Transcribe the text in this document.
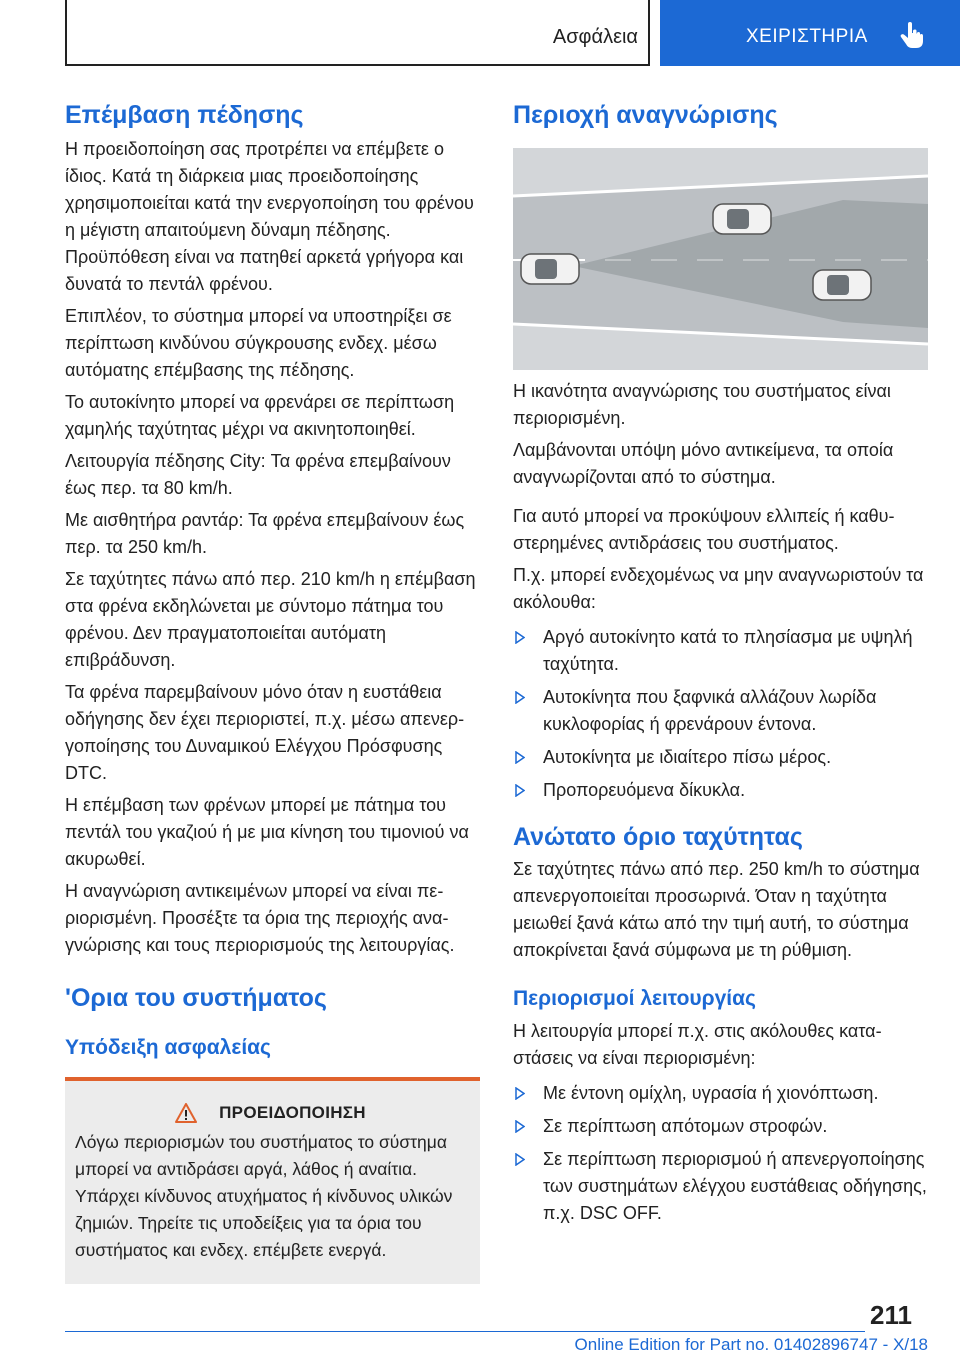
Ασφάλεια	ΧΕΙΡΙΣΤΗΡΙΑ
Επέμβαση πέδησης

Η προειδοποίηση σας προτρέπει να επέμβετε ο ίδιος. Κατά τη διάρκεια μιας προειδοποίησης χρησιμοποιείται κατά την ενεργοποίηση του φρένου η μέγιστη απαιτούμενη δύναμη πέδησης. Προϋπόθεση είναι να πατηθεί αρκετά γρήγορα και δυνατά το πεντάλ φρένου.

Επιπλέον, το σύστημα μπορεί να υποστηρίξει σε περίπτωση κινδύνου σύγκρουσης ενδεχ. μέσω αυτόματης επέμβασης της πέδησης.

Το αυτοκίνητο μπορεί να φρενάρει σε περίπτωση χαμηλής ταχύτητας μέχρι να ακινητοποιηθεί.

Λειτουργία πέδησης City: Τα φρένα επεμβαίνουν έως περ. τα 80 km/h.

Με αισθητήρα ραντάρ: Τα φρένα επεμβαίνουν έως περ. τα 250 km/h.

Σε ταχύτητες πάνω από περ. 210 km/h η επέμβαση στα φρένα εκδηλώνεται με σύντομο πάτημα του φρένου. Δεν πραγματοποιείται αυτόματη επιβράδυνση.

Τα φρένα παρεμβαίνουν μόνο όταν η ευστάθεια οδήγησης δεν έχει περιοριστεί, π.χ. μέσω απενεργοποίησης του Δυναμικού Ελέγχου Πρόσφυσης DTC.

Η επέμβαση των φρένων μπορεί με πάτημα του πεντάλ του γκαζιού ή με μια κίνηση του τιμονιού να ακυρωθεί.

Η αναγνώριση αντικειμένων μπορεί να είναι περιορισμένη. Προσέξτε τα όρια της περιοχής αναγνώρισης και τους περιορισμούς της λειτουργίας.

'Ορια του συστήματος
Υπόδειξη ασφαλείας
ΠΡΟΕΙΔΟΠΟΙΗΣΗ

Λόγω περιορισμών του συστήματος το σύστημα μπορεί να αντιδράσει αργά, λάθος ή αναίτια. Υπάρχει κίνδυνος ατυχήματος ή κίνδυνος υλικών ζημιών. Τηρείτε τις υποδείξεις για τα όρια του συστήματος και ενδεχ. επέμβετε ενεργά.

Περιοχή αναγνώρισης

Η ικανότητα αναγνώρισης του συστήματος είναι περιορισμένη.

Λαμβάνονται υπόψη μόνο αντικείμενα, τα οποία αναγνωρίζονται από το σύστημα.

Για αυτό μπορεί να προκύψουν ελλιπείς ή καθυστερημένες αντιδράσεις του συστήματος.

Π.χ. μπορεί ενδεχομένως να μην αναγνωριστούν τα ακόλουθα:

Αργό αυτοκίνητο κατά το πλησίασμα με υψηλή ταχύτητα.
Αυτοκίνητα που ξαφνικά αλλάζουν λωρίδα κυκλοφορίας ή φρενάρουν έντονα.
Αυτοκίνητα με ιδιαίτερο πίσω μέρος.
Προπορευόμενα δίκυκλα.
Ανώτατο όριο ταχύτητας

Σε ταχύτητες πάνω από περ. 250 km/h το σύστημα απενεργοποιείται προσωρινά. Όταν η ταχύτητα μειωθεί ξανά κάτω από την τιμή αυτή, το σύστημα αποκρίνεται ξανά σύμφωνα με τη ρύθμιση.

Περιορισμοί λειτουργίας

Η λειτουργία μπορεί π.χ. στις ακόλουθες καταστάσεις να είναι περιορισμένη:

Με έντονη ομίχλη, υγρασία ή χιονόπτωση.
Σε περίπτωση απότομων στροφών.
Σε περίπτωση περιορισμού ή απενεργοποίησης των συστημάτων ελέγχου ευστάθειας οδήγησης, π.χ. DSC OFF.
211
Online Edition for Part no. 01402896747 - X/18
